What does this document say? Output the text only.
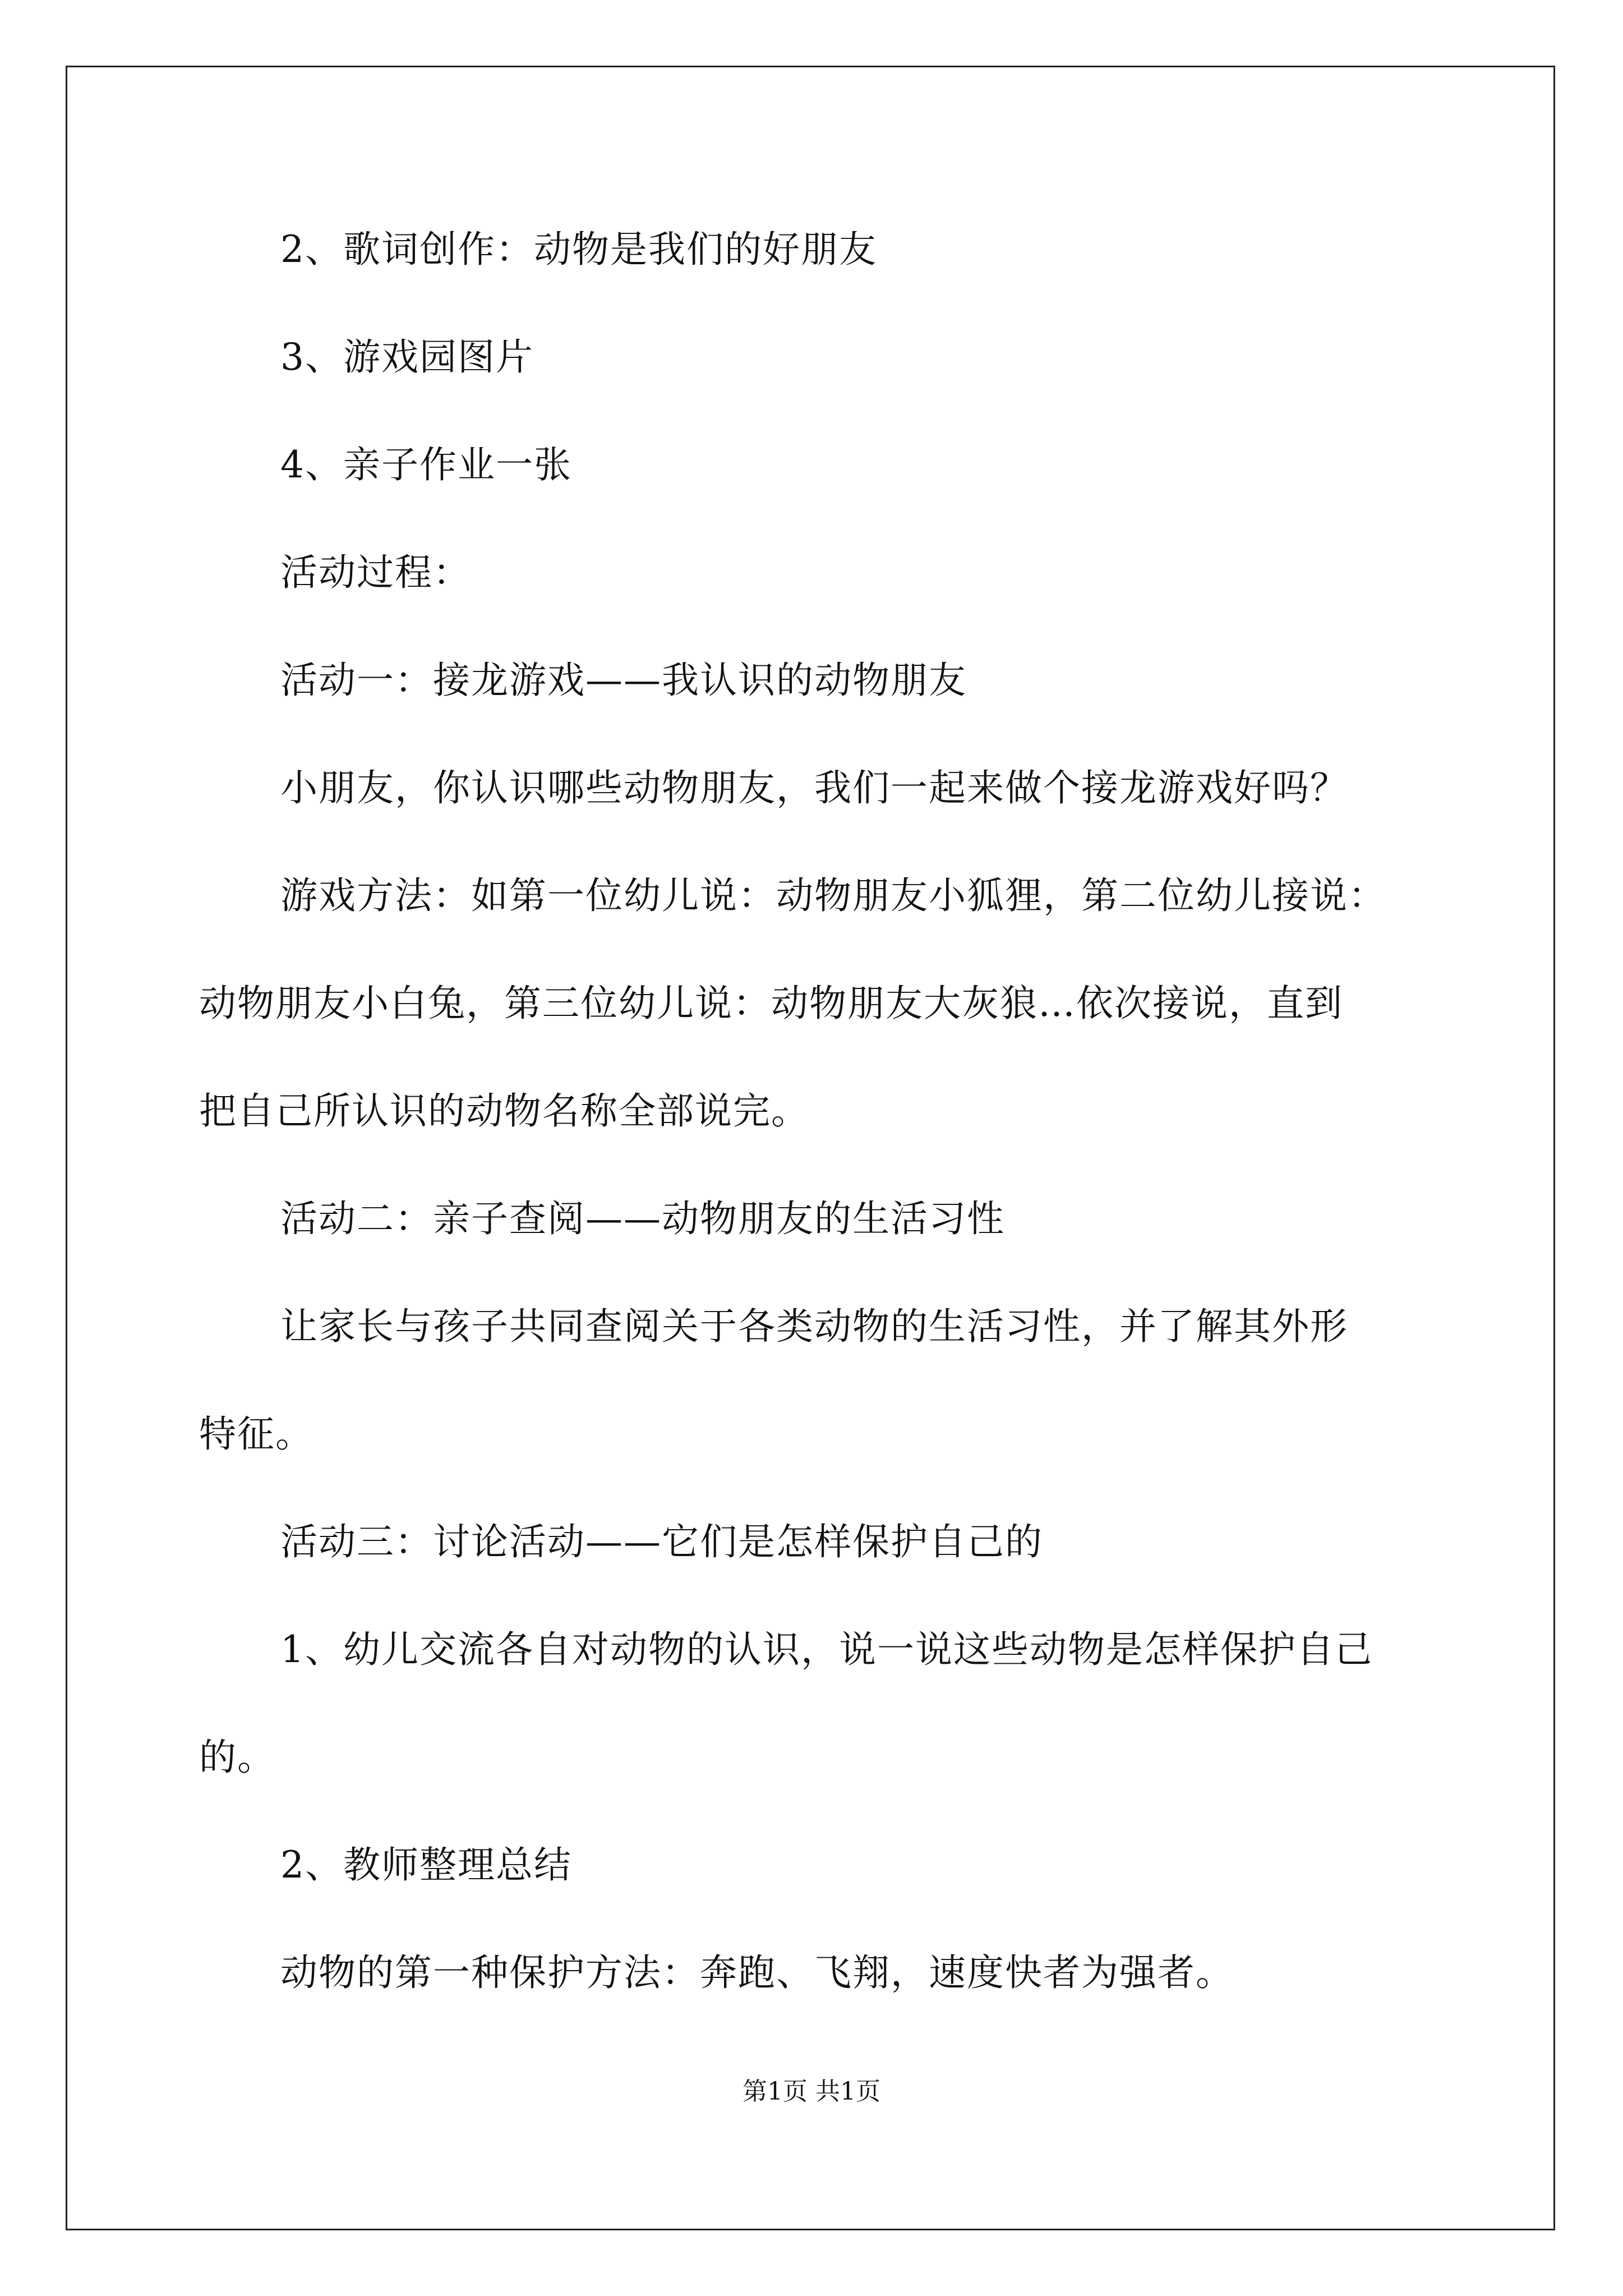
2、歌词创作：动物是我们的好朋友
3、游戏园图片
4、亲子作业一张
活动过程：
活动一：接龙游戏——我认识的动物朋友
小朋友，你认识哪些动物朋友，我们一起来做个接龙游戏好吗？
游戏方法：如第一位幼儿说：动物朋友小狐狸，第二位幼儿接说：
动物朋友小白兔，第三位幼儿说：动物朋友大灰狼…依次接说，直到
把自己所认识的动物名称全部说完。
活动二：亲子查阅——动物朋友的生活习性
让家长与孩子共同查阅关于各类动物的生活习性，并了解其外形
特征。
活动三：讨论活动——它们是怎样保护自己的
1、幼儿交流各自对动物的认识，说一说这些动物是怎样保护自己
的。
2、教师整理总结
动物的第一种保护方法：奔跑、飞翔，速度快者为强者。
第1页 共1页
